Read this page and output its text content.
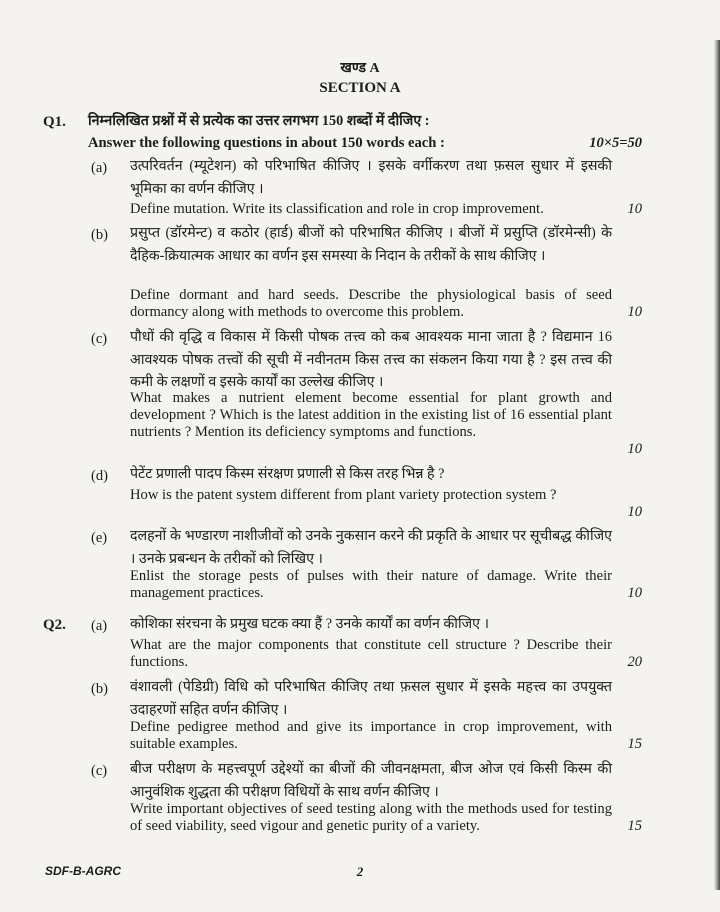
खण्ड A
SECTION A
Q1. निम्नलिखित प्रश्नों में से प्रत्येक का उत्तर लगभग 150 शब्दों में दीजिए :
Answer the following questions in about 150 words each :	10×5=50
(a) उत्परिवर्तन (म्यूटेशन) को परिभाषित कीजिए । इसके वर्गीकरण तथा फ़सल सुधार में इसकी भूमिका का वर्णन कीजिए ।
Define mutation. Write its classification and role in crop improvement.	10
(b) प्रसुप्त (डॉरमेन्ट) व कठोर (हार्ड) बीजों को परिभाषित कीजिए । बीजों में प्रसुप्ति (डॉरमेन्सी) के दैहिक-क्रियात्मक आधार का वर्णन इस समस्या के निदान के तरीकों के साथ कीजिए ।
Define dormant and hard seeds. Describe the physiological basis of seed dormancy along with methods to overcome this problem.	10
(c) पौधों की वृद्धि व विकास में किसी पोषक तत्त्व को कब आवश्यक माना जाता है ? विद्यमान 16 आवश्यक पोषक तत्त्वों की सूची में नवीनतम किस तत्त्व का संकलन किया गया है ? इस तत्त्व की कमी के लक्षणों व इसके कार्यों का उल्लेख कीजिए ।
What makes a nutrient element become essential for plant growth and development ? Which is the latest addition in the existing list of 16 essential plant nutrients ? Mention its deficiency symptoms and functions.
10
(d) पेटेंट प्रणाली पादप किस्म संरक्षण प्रणाली से किस तरह भिन्न है ?
How is the patent system different from plant variety protection system ?
10
(e) दलहनों के भण्डारण नाशीजीवों को उनके नुकसान करने की प्रकृति के आधार पर सूचीबद्ध कीजिए । उनके प्रबन्धन के तरीकों को लिखिए ।
Enlist the storage pests of pulses with their nature of damage. Write their management practices.	10
Q2. (a) कोशिका संरचना के प्रमुख घटक क्या हैं ? उनके कार्यों का वर्णन कीजिए ।
What are the major components that constitute cell structure ? Describe their functions.	20
(b) वंशावली (पेडिग्री) विधि को परिभाषित कीजिए तथा फ़सल सुधार में इसके महत्त्व का उपयुक्त उदाहरणों सहित वर्णन कीजिए ।
Define pedigree method and give its importance in crop improvement, with suitable examples.	15
(c) बीज परीक्षण के महत्त्वपूर्ण उद्देश्यों का बीजों की जीवनक्षमता, बीज ओज एवं किसी किस्म की आनुवंशिक शुद्धता की परीक्षण विधियों के साथ वर्णन कीजिए ।
Write important objectives of seed testing along with the methods used for testing of seed viability, seed vigour and genetic purity of a variety.	15
SDF-B-AGRC	2
